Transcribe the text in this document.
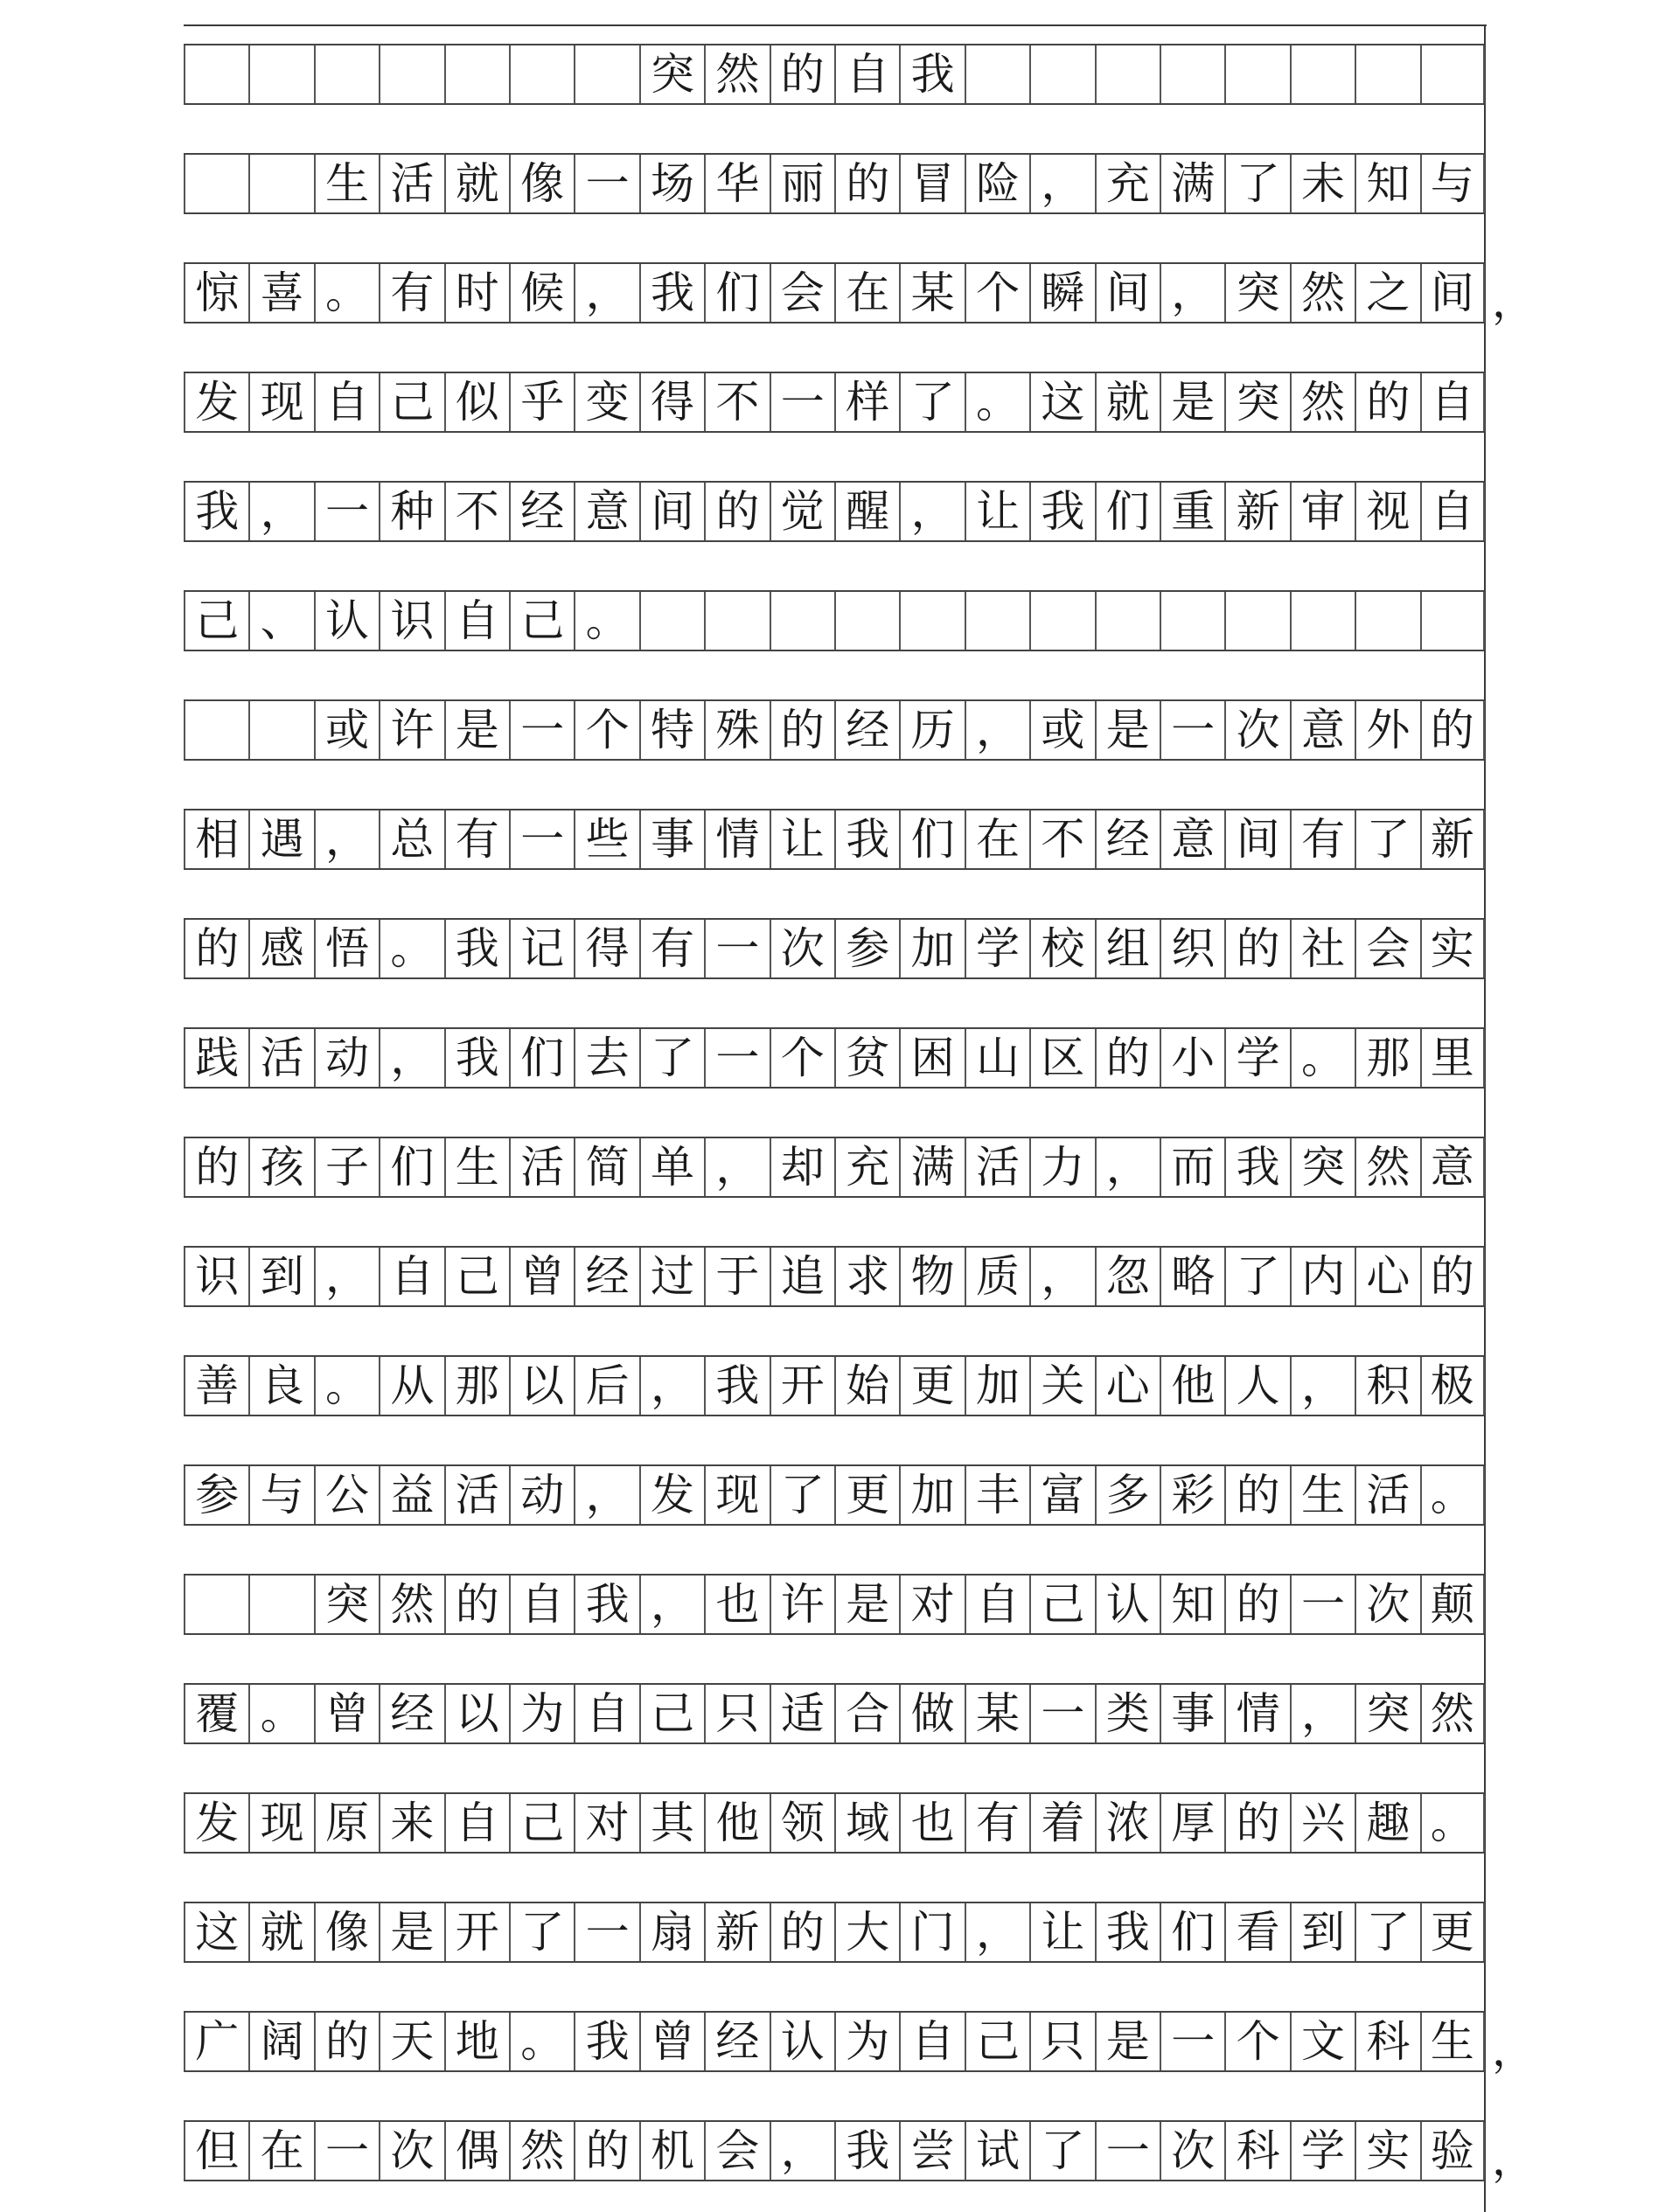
突 然 的 自 我
生 活 就 像 一 场 华 丽 的 冒 险 ， 充 满 了 未 知 与
惊 喜 。 有 时 候 ， 我 们 会 在 某 个 瞬 间 ， 突 然 之 间 ，
发 现 自 己 似 乎 变 得 不 一 样 了 。 这 就 是 突 然 的 自
我 ， 一 种 不 经 意 间 的 觉 醒 ， 让 我 们 重 新 审 视 自
己 、 认 识 自 己 。
或 许 是 一 个 特 殊 的 经 历 ， 或 是 一 次 意 外 的
相 遇 ， 总 有 一 些 事 情 让 我 们 在 不 经 意 间 有 了 新
的 感 悟 。 我 记 得 有 一 次 参 加 学 校 组 织 的 社 会 实
践 活 动 ， 我 们 去 了 一 个 贫 困 山 区 的 小 学 。 那 里
的 孩 子 们 生 活 简 单 ， 却 充 满 活 力 ， 而 我 突 然 意
识 到 ， 自 己 曾 经 过 于 追 求 物 质 ， 忽 略 了 内 心 的
善 良 。 从 那 以 后 ， 我 开 始 更 加 关 心 他 人 ， 积 极
参 与 公 益 活 动 ， 发 现 了 更 加 丰 富 多 彩 的 生 活 。
突 然 的 自 我 ， 也 许 是 对 自 己 认 知 的 一 次 颠
覆 。 曾 经 以 为 自 己 只 适 合 做 某 一 类 事 情 ， 突 然
发 现 原 来 自 己 对 其 他 领 域 也 有 着 浓 厚 的 兴 趣 。
这 就 像 是 开 了 一 扇 新 的 大 门 ， 让 我 们 看 到 了 更
广 阔 的 天 地 。 我 曾 经 认 为 自 己 只 是 一 个 文 科 生 ，
但 在 一 次 偶 然 的 机 会 ， 我 尝 试 了 一 次 科 学 实 验 ，
